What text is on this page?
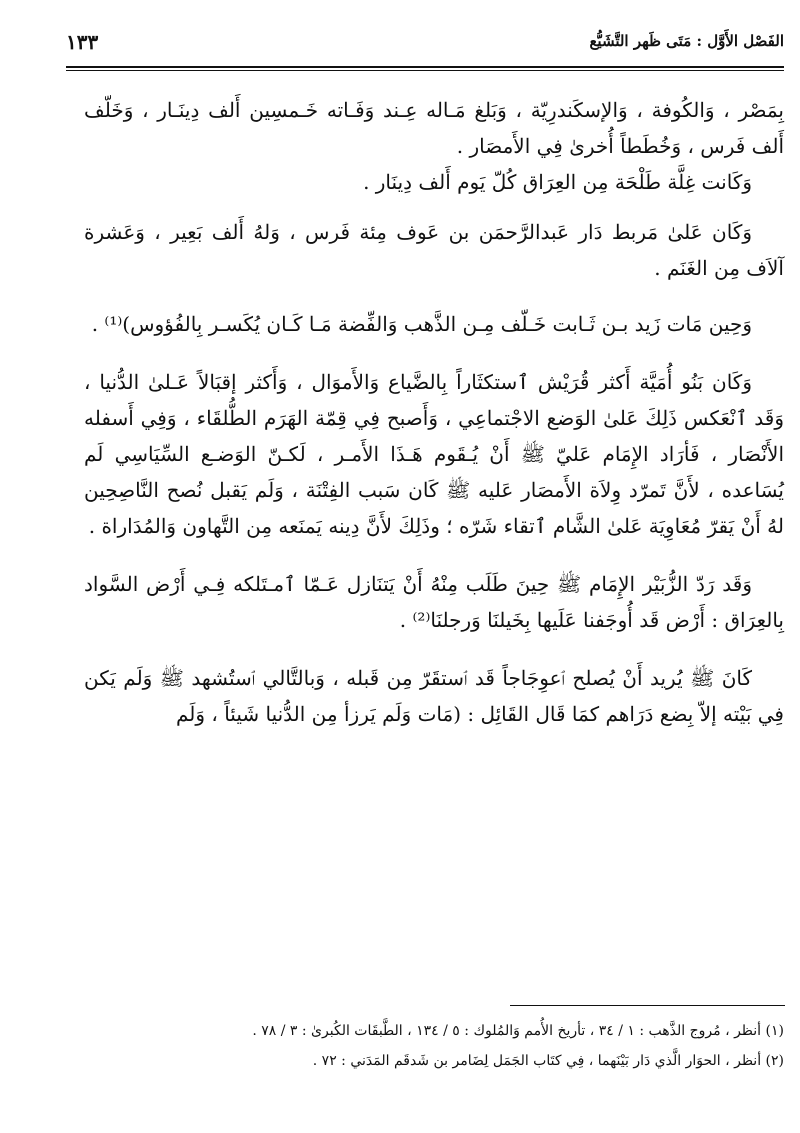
الفَصْل الأَوَّل : مَتَى ظَهر التَّشَيُّع
١٣٣

بِمَصْر ، وَالكُوفة ، وَالإسكَندرِيّة ، وَبَلغ مَـاله عِـند وَفَـاته خَـمسِين أَلف دِينَـار ، وَخَلّف أَلف فَرس ، وَخُطَطاً أُخرىٰ فِي الأَمصَار .

وَكَانت غِلَّة طَلْحَة مِن العِرَاق كُلّ يَوم أَلف دِينَار .

وَكَان عَلىٰ مَربط دَار عَبدالرَّحمَن بن عَوف مِئة فَرس ، وَلهُ أَلف بَعِير ، وَعَشرة آلاَف مِن الغَنَم .

وَحِين مَات زَيد بـن ثَـابت خَـلّف مِـن الذَّهب وَالفِّضة مَـا كَـان يُكَسـر بِالفُؤوس)⁽¹⁾ .

وَكَان بَنُو أُمَيَّة أَكثر قُرَيْش ٱستكثَاراً بِالضَّياع وَالأَموَال ، وَأَكثر إقبَالاً عَـلىٰ الدُّنيا ، وَقَد ٱنْعَكس ذَلِكَ عَلىٰ الوَضع الاجْتماعِي ، وَأَصبح فِي قِمّة الهَرَم الطُّلقَاء ، وَفِي أَسفله الأَنْصَار ، فَأرَاد الإِمَام عَليّ ﷺ أَنْ يُـقَوم هَـذَا الأَمـر ، لَكـنّ الوَضـع السِّيَاسِي لَم يُسَاعده ، لأَنَّ تَمرّد وِلاَة الأَمصَار عَليه ﷺ كَان سَبب الفِتْنَة ، وَلَم يَقبل نُصح النَّاصِحِين لهُ أَنْ يَقرّ مُعَاوِيَة عَلىٰ الشَّام ٱتقاء شَرّه ؛ وذَلِكَ لأَنَّ دِينه يَمنَعه مِن التَّهاون وَالمُدَاراة .

وَقَد رَدّ الزُّبَيْر الإِمَام ﷺ حِينَ طَلَب مِنْهُ أَنْ يَتنَازل عَـمّا ٱمـتَلكه فِـي أَرْض السَّواد بِالعِرَاق : أَرْض قَد أُوجَفنا عَلَيها بِخَيلنَا وَرجلنَا⁽²⁾ .

كَانَ ﷺ يُريد أَنْ يُصلح ٱعوِجَاجاً قَد ٱستقَرّ مِن قَبله ، وَبالتَّالي ٱستُشهد ﷺ وَلَم يَكن فِي بَيْته إلاّ بِضع دَرَاهم كمَا قَال القَائِل : (مَات وَلَم يَرزأ مِن الدُّنيا شَيئاً ، وَلَم

(١) أنظر ، مُروج الذَّهب : ١ / ٣٤ ، تأريخ الأُمم وَالمُلوك : ٥ / ١٣٤ ، الطَّبقَات الكُبرىٰ : ٣ / ٧٨ .

(٢) أنظر ، الحوَار الَّذي دَار بَيْنَهما ، فِي كتَاب الجَمَل لِضَامر بن شَدقَم المَدَني : ٧٢ .
